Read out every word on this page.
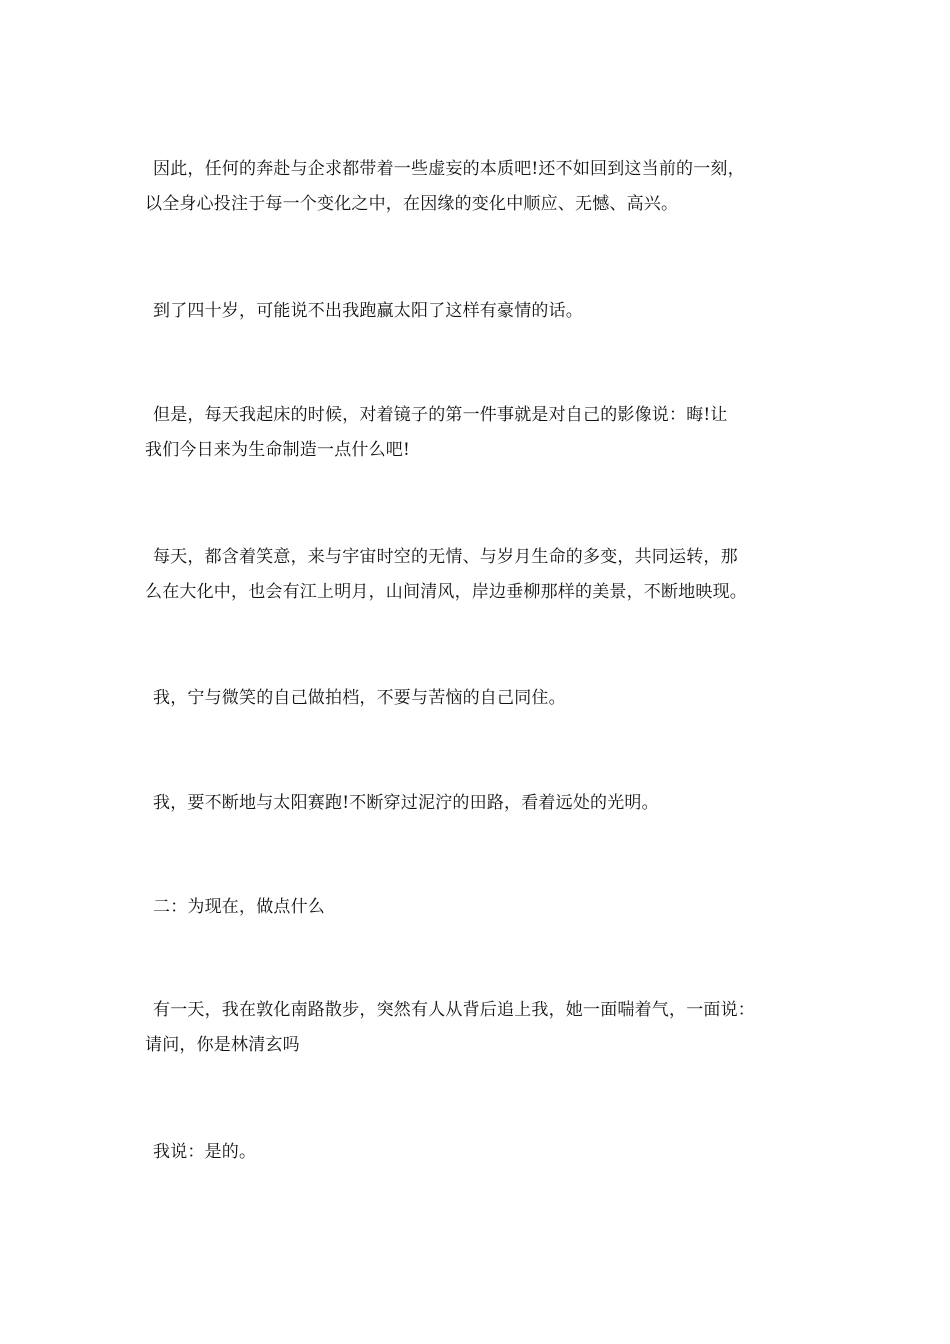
因此，任何的奔赴与企求都带着一些虚妄的本质吧!还不如回到这当前的一刻，
以全身心投注于每一个变化之中，在因缘的变化中顺应、无憾、高兴。

到了四十岁，可能说不出我跑赢太阳了这样有豪情的话。

但是，每天我起床的时候，对着镜子的第一件事就是对自己的影像说：晦!让
我们今日来为生命制造一点什么吧!

每天，都含着笑意，来与宇宙时空的无情、与岁月生命的多变，共同运转，那
么在大化中，也会有江上明月，山间清风，岸边垂柳那样的美景，不断地映现。

我，宁与微笑的自己做拍档，不要与苦恼的自己同住。

我，要不断地与太阳赛跑!不断穿过泥泞的田路，看着远处的光明。

二：为现在，做点什么

有一天，我在敦化南路散步，突然有人从背后追上我，她一面喘着气，一面说：
请问，你是林清玄吗

我说：是的。
